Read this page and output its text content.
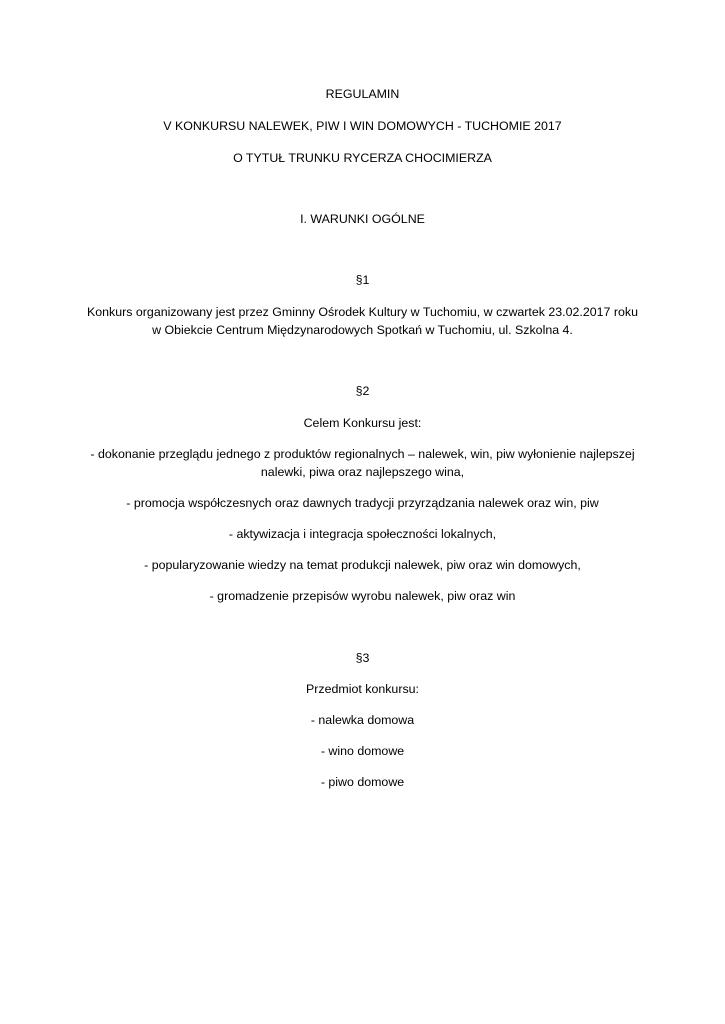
REGULAMIN
V KONKURSU NALEWEK, PIW I WIN DOMOWYCH - TUCHOMIE 2017
O TYTUŁ TRUNKU RYCERZA CHOCIMIERZA
I. WARUNKI OGÓLNE
§1
Konkurs organizowany jest przez Gminny Ośrodek Kultury w Tuchomiu, w czwartek 23.02.2017 roku
w Obiekcie Centrum Międzynarodowych Spotkań w Tuchomiu, ul. Szkolna 4.
§2
Celem Konkursu jest:
- dokonanie przeglądu jednego z produktów regionalnych – nalewek, win, piw wyłonienie najlepszej
nalewki, piwa oraz najlepszego wina,
- promocja współczesnych oraz dawnych tradycji przyrządzania nalewek oraz win, piw
- aktywizacja i integracja społeczności lokalnych,
- popularyzowanie wiedzy na temat produkcji nalewek, piw oraz win domowych,
- gromadzenie przepisów wyrobu nalewek, piw oraz win
§3
Przedmiot konkursu:
- nalewka domowa
- wino domowe
- piwo domowe
